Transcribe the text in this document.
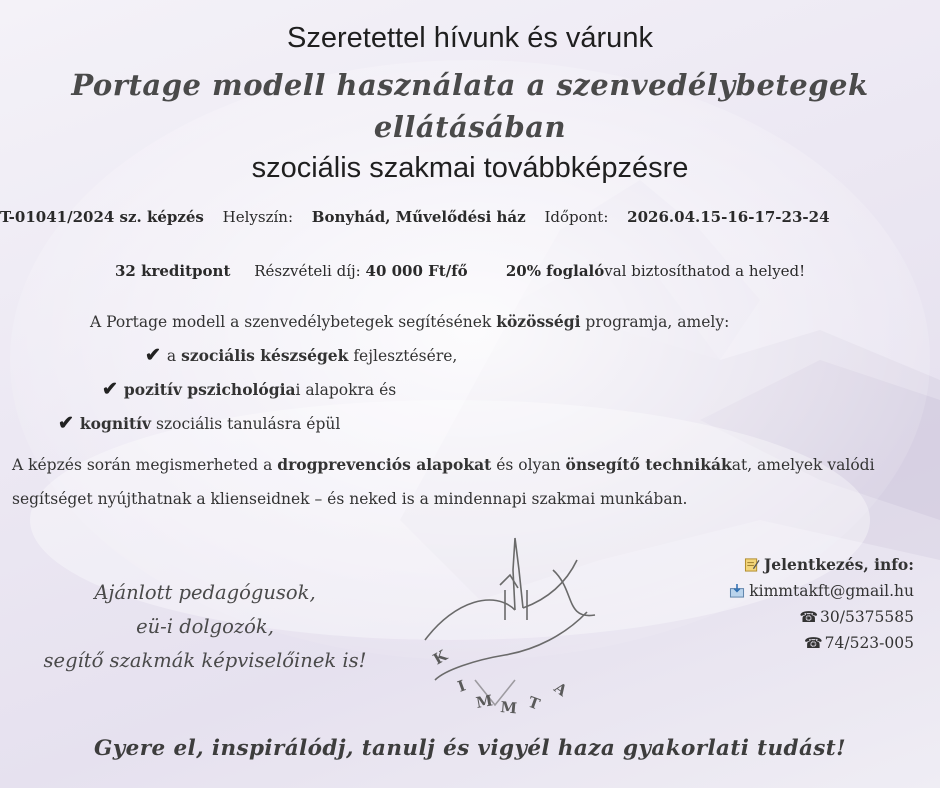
Szeretettel hívunk és várunk
Portage modell használata a szenvedélybetegek ellátásában
szociális szakmai továbbképzésre
T-01041/2024 sz. képzés Helyszín: Bonyhád, Művelődési ház Időpont: 2026.04.15-16-17-23-24
32 kreditpont Részvételi díj: 40 000 Ft/fő	20% foglalóval biztosíthatod a helyed!
A Portage modell a szenvedélybetegek segítésének közösségi programja, amely:
✔ a szociális készségek fejlesztésére,
✔ pozitív pszichológiai alapokra és
✔ kognitív szociális tanulásra épül
A képzés során megismerheted a drogprevenciós alapokat és olyan önsegítő technikákat, amelyek valódi segítséget nyújthatnak a klienseidnek – és neked is a mindennapi szakmai munkában.
Ajánlott pedagógusok,
eü-i dolgozók,
segítő szakmák képviselőinek is!	K
I
M M T
A
Jelentkezés, info:
kimmtakft@gmail.hu
☎ 30/5375585
☎ 74/523-005
Gyere el, inspirálódj, tanulj és vigyél haza gyakorlati tudást!
